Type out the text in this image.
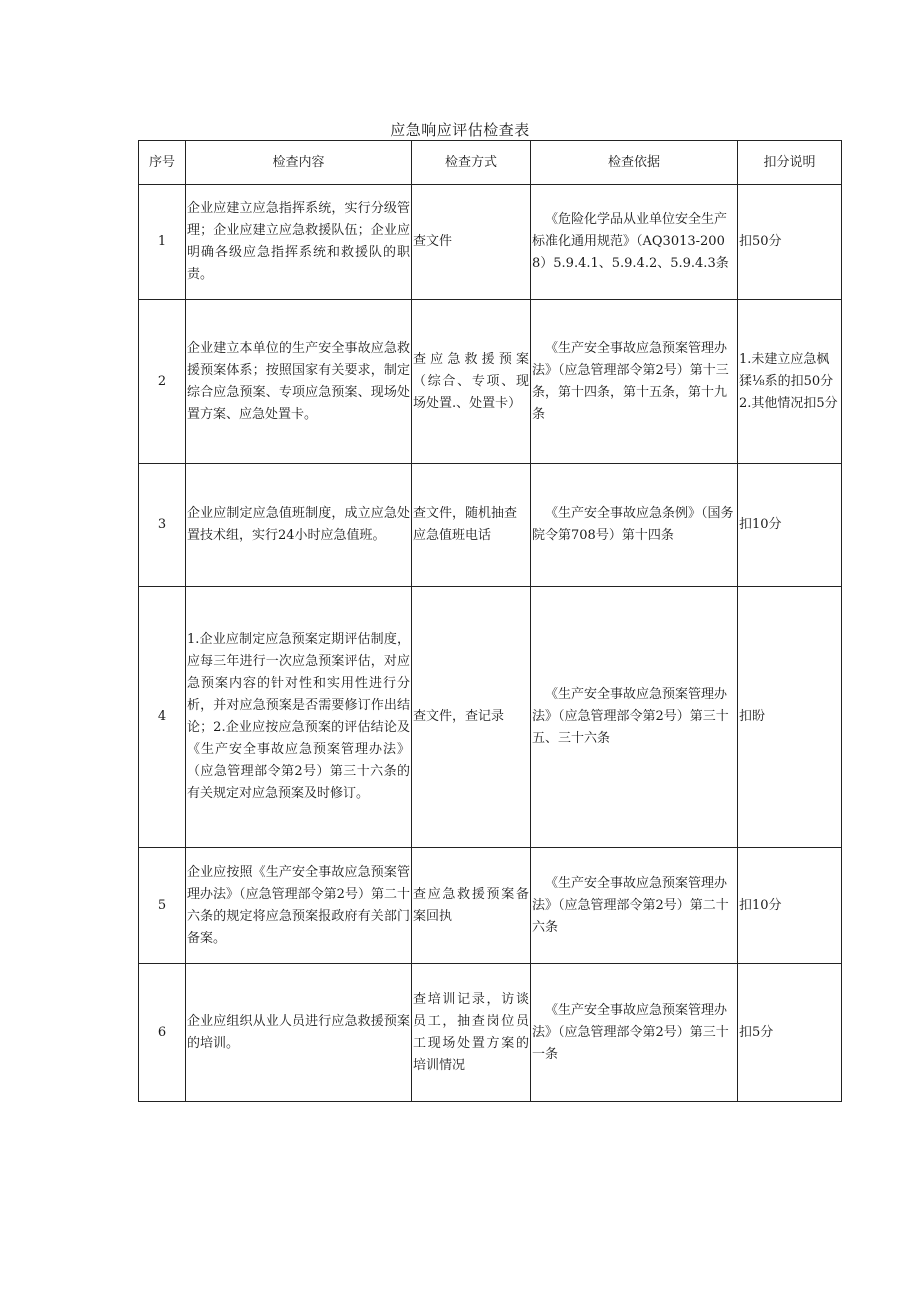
应急响应评估检查表
序号	检查内容	检查方式	检查依据	扣分说明
1	企业应建立应急指挥系统，实行分级管理；企业应建立应急救援队伍；企业应明确各级应急指挥系统和救援队的职责。	查文件	《危险化学品从业单位安全生产标准化通用规范》（AQ3013-2008）5.9.4.1、5.9.4.2、5.9.4.3条	扣50分
2	企业建立本单位的生产安全事故应急救援预案体系；按照国家有关要求，制定综合应急预案、专项应急预案、现场处置方案、应急处置卡。	查应急救援预案（综合、专项、现场处置.、处置卡）	《生产安全事故应急预案管理办法》（应急管理部令第2号）第十三条，第十四条，第十五条，第十九条	1.未建立应急枫猱⅛系的扣50分2.其他情况扣5分
3	企业应制定应急值班制度，成立应急处置技术组，实行24小时应急值班。	查文件，随机抽查应急值班电话	《生产安全事故应急条例》（国务院令第708号）第十四条	扣10分
4	1.企业应制定应急预案定期评估制度，应每三年进行一次应急预案评估，对应急预案内容的针对性和实用性进行分析，并对应急预案是否需要修订作出结论；2.企业应按应急预案的评估结论及《生产安全事故应急预案管理办法》（应急管理部令第2号）第三十六条的有关规定对应急预案及时修订。	查文件，查记录	《生产安全事故应急预案管理办法》（应急管理部令第2号）第三十五、三十六条	扣盼
5	企业应按照《生产安全事故应急预案管理办法》（应急管理部令第2号）第二十六条的规定将应急预案报政府有关部门备案。	查应急救援预案备案回执	《生产安全事故应急预案管理办法》（应急管理部令第2号）第二十六条	扣10分
6	企业应组织从业人员进行应急救援预案的培训。	查培训记录，访谈员工，抽查岗位员工现场处置方案的培训情况	《生产安全事故应急预案管理办法》（应急管理部令第2号）第三十一条	扣5分
